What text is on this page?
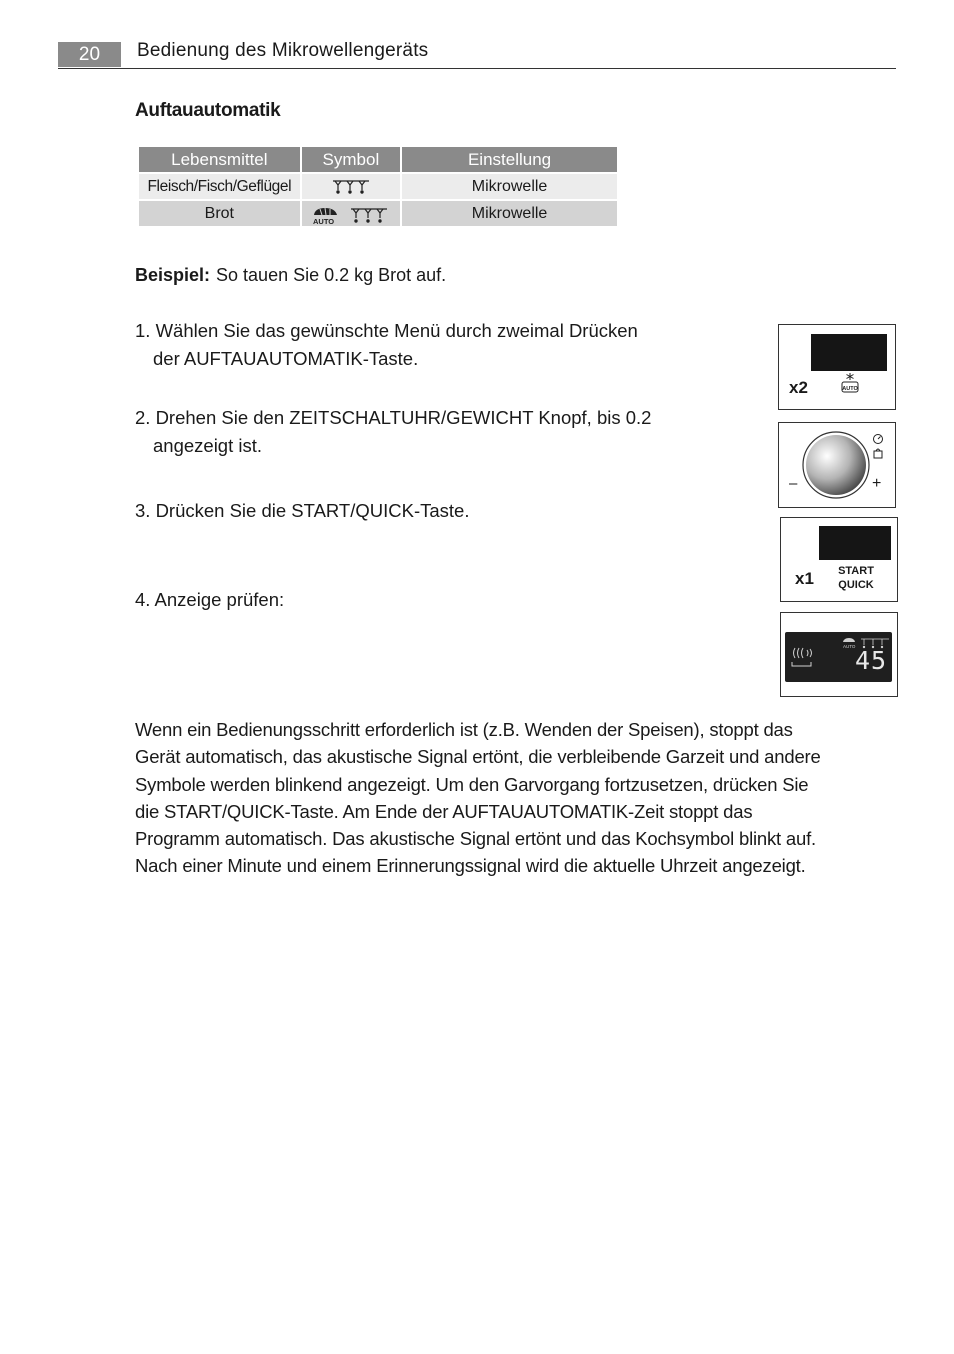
20	Bedienung des Mikrowellengeräts
Auftauautomatik
Lebensmittel	Symbol	Einstellung
Fleisch/Fisch/Geflügel		Mikrowelle
Brot	AUTO	Mikrowelle
Beispiel: So tauen Sie 0.2 kg Brot auf.
1. Wählen Sie das gewünschte Menü durch zweimal Drücken
der AUFTAUAUTOMATIK-Taste.
2. Drehen Sie den ZEITSCHALTUHR/GEWICHT Knopf, bis 0.2
angezeigt ist.
3. Drücken Sie die START/QUICK-Taste.
4. Anzeige prüfen:
x2	AUTO
–	+
x1	START
QUICK
AUTO 45
Wenn ein Bedienungsschritt erforderlich ist (z.B. Wenden der Speisen), stoppt das Gerät automatisch, das akustische Signal ertönt, die verbleibende Garzeit und andere Symbole werden blinkend angezeigt. Um den Garvorgang fortzusetzen, drücken Sie die START/QUICK-Taste. Am Ende der AUFTAUAUTOMATIK-Zeit stoppt das Programm automatisch. Das akustische Signal ertönt und das Kochsymbol blinkt auf. Nach einer Minute und einem Erinnerungssignal wird die aktuelle Uhrzeit angezeigt.
